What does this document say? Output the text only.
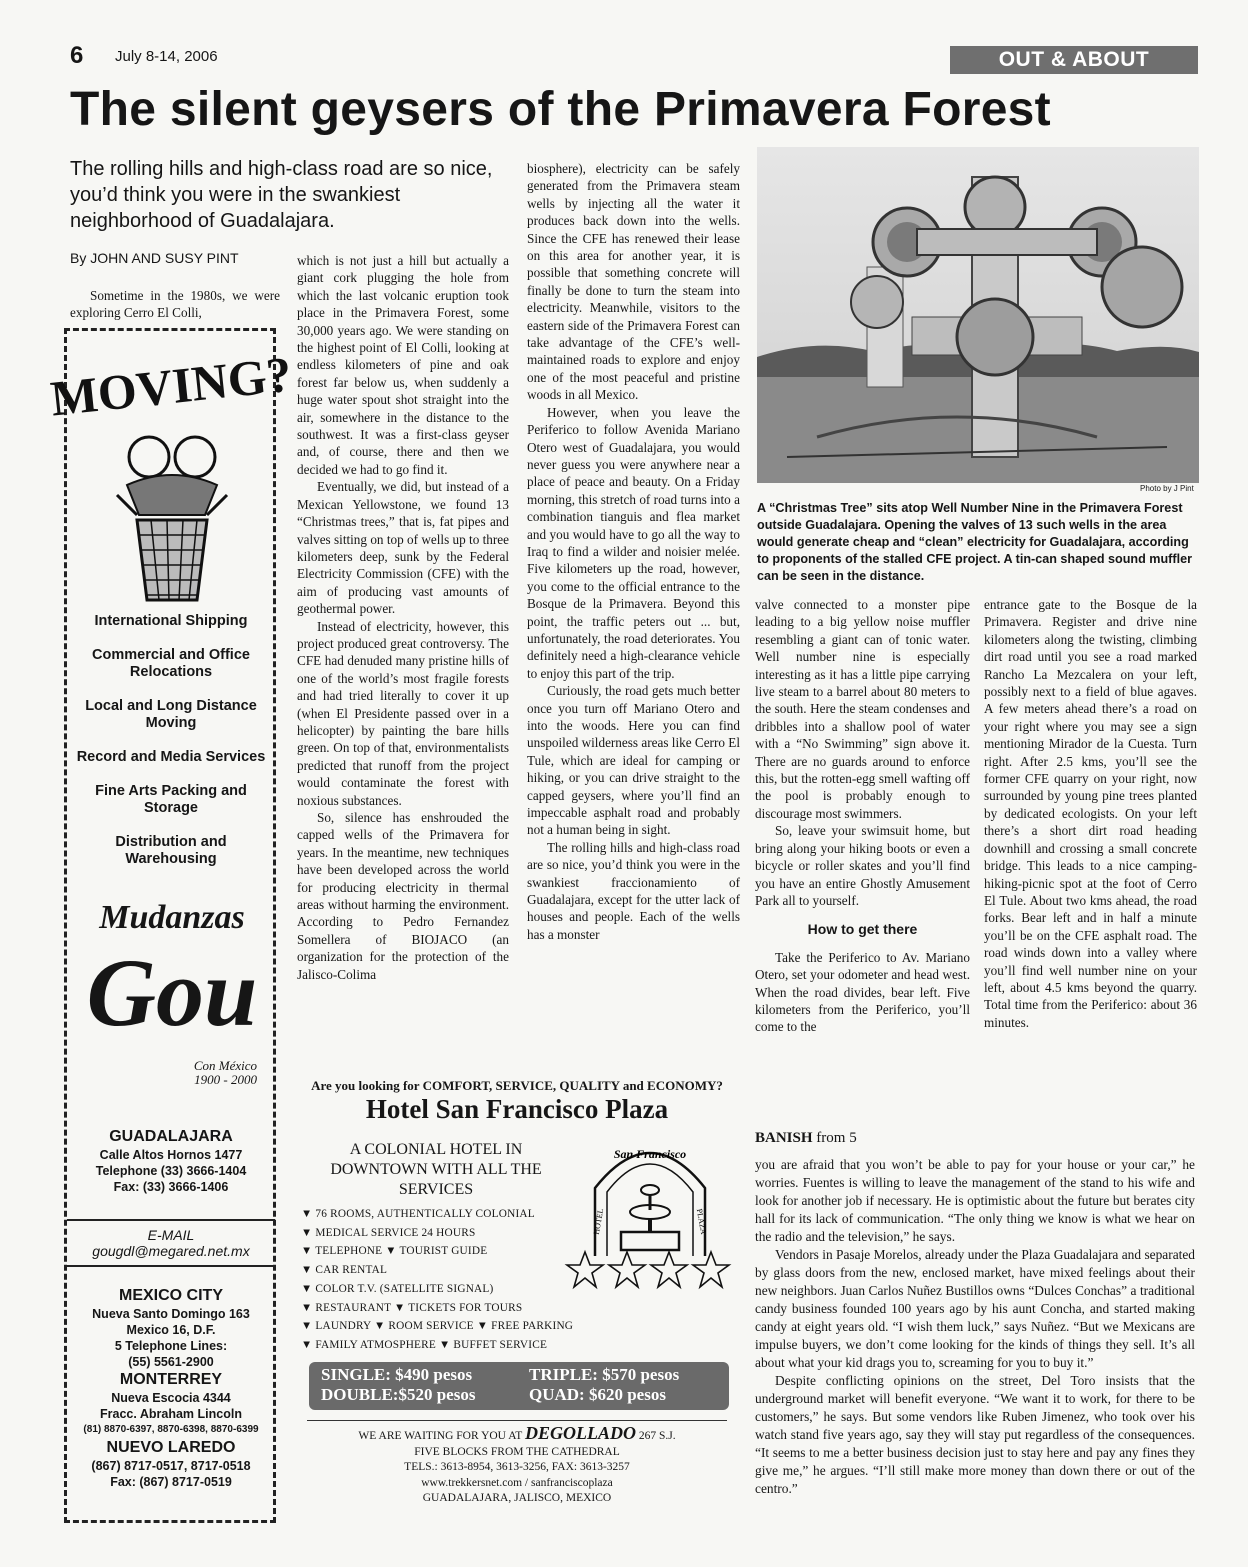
6 July 8-14, 2006	OUT & ABOUT
The silent geysers of the Primavera Forest
The rolling hills and high-class road are so nice, you’d think you were in the swankiest neighborhood of Guadalajara.
By JOHN AND SUSY PINT

Sometime in the 1980s, we were exploring Cerro El Colli,

MOVING?
International Shipping
Commercial and Office Relocations
Local and Long Distance Moving
Record and Media Services
Fine Arts Packing and Storage
Distribution and Warehousing
Mudanzas
Gou
Con México
1900 - 2000
GUADALAJARA
Calle Altos Hornos 1477
Telephone (33) 3666-1404
Fax: (33) 3666-1406
E-MAIL
gougdl@megared.net.mx
MEXICO CITY
Nueva Santo Domingo 163
Mexico 16, D.F.
5 Telephone Lines:
(55) 5561-2900
MONTERREY
Nueva Escocia 4344
Fracc. Abraham Lincoln
(81) 8870-6397, 8870-6398, 8870-6399
NUEVO LAREDO
(867) 8717-0517, 8717-0518
Fax: (867) 8717-0519

which is not just a hill but actually a giant cork plugging the hole from which the last volcanic eruption took place in the Primavera Forest, some 30,000 years ago. We were standing on the highest point of El Colli, looking at endless kilometers of pine and oak forest far below us, when suddenly a huge water spout shot straight into the air, somewhere in the distance to the southwest. It was a first-class geyser and, of course, there and then we decided we had to go find it.

Eventually, we did, but instead of a Mexican Yellowstone, we found 13 “Christmas trees,” that is, fat pipes and valves sitting on top of wells up to three kilometers deep, sunk by the Federal Electricity Commission (CFE) with the aim of producing vast amounts of geothermal power.

Instead of electricity, however, this project produced great controversy. The CFE had denuded many pristine hills of one of the world’s most fragile forests and had tried literally to cover it up (when El Presidente passed over in a helicopter) by painting the bare hills green. On top of that, environmentalists predicted that runoff from the project would contaminate the forest with noxious substances.

So, silence has enshrouded the capped wells of the Primavera for years. In the meantime, new techniques have been developed across the world for producing electricity in thermal areas without harming the environment. According to Pedro Fernandez Somellera of BIOJACO (an organization for the protection of the Jalisco-Colima

biosphere), electricity can be safely generated from the Primavera steam wells by injecting all the water it produces back down into the wells. Since the CFE has renewed their lease on this area for another year, it is possible that something concrete will finally be done to turn the steam into electricity. Meanwhile, visitors to the eastern side of the Primavera Forest can take advantage of the CFE’s well-maintained roads to explore and enjoy one of the most peaceful and pristine woods in all Mexico.

However, when you leave the Periferico to follow Avenida Mariano Otero west of Guadalajara, you would never guess you were anywhere near a place of peace and beauty. On a Friday morning, this stretch of road turns into a combination tianguis and flea market and you would have to go all the way to Iraq to find a wilder and noisier melée. Five kilometers up the road, however, you come to the official entrance to the Bosque de la Primavera. Beyond this point, the traffic peters out ... but, unfortunately, the road deteriorates. You definitely need a high-clearance vehicle to enjoy this part of the trip.

Curiously, the road gets much better once you turn off Mariano Otero and into the woods. Here you can find unspoiled wilderness areas like Cerro El Tule, which are ideal for camping or hiking, or you can drive straight to the capped geysers, where you’ll find an impeccable asphalt road and probably not a human being in sight.

The rolling hills and high-class road are so nice, you’d think you were in the swankiest fraccionamiento of Guadalajara, except for the utter lack of houses and people. Each of the wells has a monster

Photo by J Pint
A “Christmas Tree” sits atop Well Number Nine in the Primavera Forest outside Guadalajara. Opening the valves of 13 such wells in the area would generate cheap and “clean” electricity for Guadalajara, according to proponents of the stalled CFE project. A tin-can shaped sound muffler can be seen in the distance.

valve connected to a monster pipe leading to a big yellow noise muffler resembling a giant can of tonic water. Well number nine is especially interesting as it has a little pipe carrying live steam to a barrel about 80 meters to the south. Here the steam condenses and dribbles into a shallow pool of water with a “No Swimming” sign above it. There are no guards around to enforce this, but the rotten-egg smell wafting off the pool is probably enough to discourage most swimmers.

So, leave your swimsuit home, but bring along your hiking boots or even a bicycle or roller skates and you’ll find you have an entire Ghostly Amusement Park all to yourself.

How to get there

Take the Periferico to Av. Mariano Otero, set your odometer and head west. When the road divides, bear left. Five kilometers from the Periferico, you’ll come to the

entrance gate to the Bosque de la Primavera. Register and drive nine kilometers along the twisting, climbing dirt road until you see a road marked Rancho La Mezcalera on your left, possibly next to a field of blue agaves. A few meters ahead there’s a road on your right where you may see a sign mentioning Mirador de la Cuesta. Turn right. After 2.5 kms, you’ll see the former CFE quarry on your right, now surrounded by young pine trees planted by dedicated ecologists. On your left there’s a short dirt road heading downhill and crossing a small concrete bridge. This leads to a nice camping-hiking-picnic spot at the foot of Cerro El Tule. About two kms ahead, the road forks. Bear left and in half a minute you’ll be on the CFE asphalt road. The road winds down into a valley where you’ll find well number nine on your left, about 4.5 kms beyond the quarry. Total time from the Periferico: about 36 minutes.

Are you looking for COMFORT, SERVICE, QUALITY and ECONOMY?
Hotel San Francisco Plaza
A COLONIAL HOTEL IN DOWNTOWN WITH ALL THE SERVICES
San Francisco
HOTEL	PLAZA
▼ 76 ROOMS, AUTHENTICALLY COLONIAL
▼ MEDICAL SERVICE 24 HOURS
▼ TELEPHONE ▼ TOURIST GUIDE
▼ CAR RENTAL
▼ COLOR T.V. (SATELLITE SIGNAL)
▼ RESTAURANT ▼ TICKETS FOR TOURS
▼ LAUNDRY ▼ ROOM SERVICE ▼ FREE PARKING
▼ FAMILY ATMOSPHERE ▼ BUFFET SERVICE
SINGLE: $490 pesos
DOUBLE:$520 pesos
TRIPLE: $570 pesos
QUAD: $620 pesos
WE ARE WAITING FOR YOU AT DEGOLLADO 267 S.J.
FIVE BLOCKS FROM THE CATHEDRAL
TELS.: 3613-8954, 3613-3256, FAX: 3613-3257
www.trekkersnet.com / sanfranciscoplaza
GUADALAJARA, JALISCO, MEXICO
BANISH from 5

you are afraid that you won’t be able to pay for your house or your car,” he worries. Fuentes is willing to leave the management of the stand to his wife and look for another job if necessary. He is optimistic about the future but berates city hall for its lack of communication. “The only thing we know is what we hear on the radio and the television,” he says.

Vendors in Pasaje Morelos, already under the Plaza Guadalajara and separated by glass doors from the new, enclosed market, have mixed feelings about their new neighbors. Juan Carlos Nuñez Bustillos owns “Dulces Conchas” a traditional candy business founded 100 years ago by his aunt Concha, and started making candy at eight years old. “I wish them luck,” says Nuñez. “But we Mexicans are impulse buyers, we don’t come looking for the kinds of things they sell. It’s all about what your kid drags you to, screaming for you to buy it.”

Despite conflicting opinions on the street, Del Toro insists that the underground market will benefit everyone. “We want it to work, for there to be customers,” he says. But some vendors like Ruben Jimenez, who took over his watch stand five years ago, say they will stay put regardless of the consequences. “It seems to me a better business decision just to stay here and pay any fines they give me,” he argues. “I’ll still make more money than down there or out of the centro.”
